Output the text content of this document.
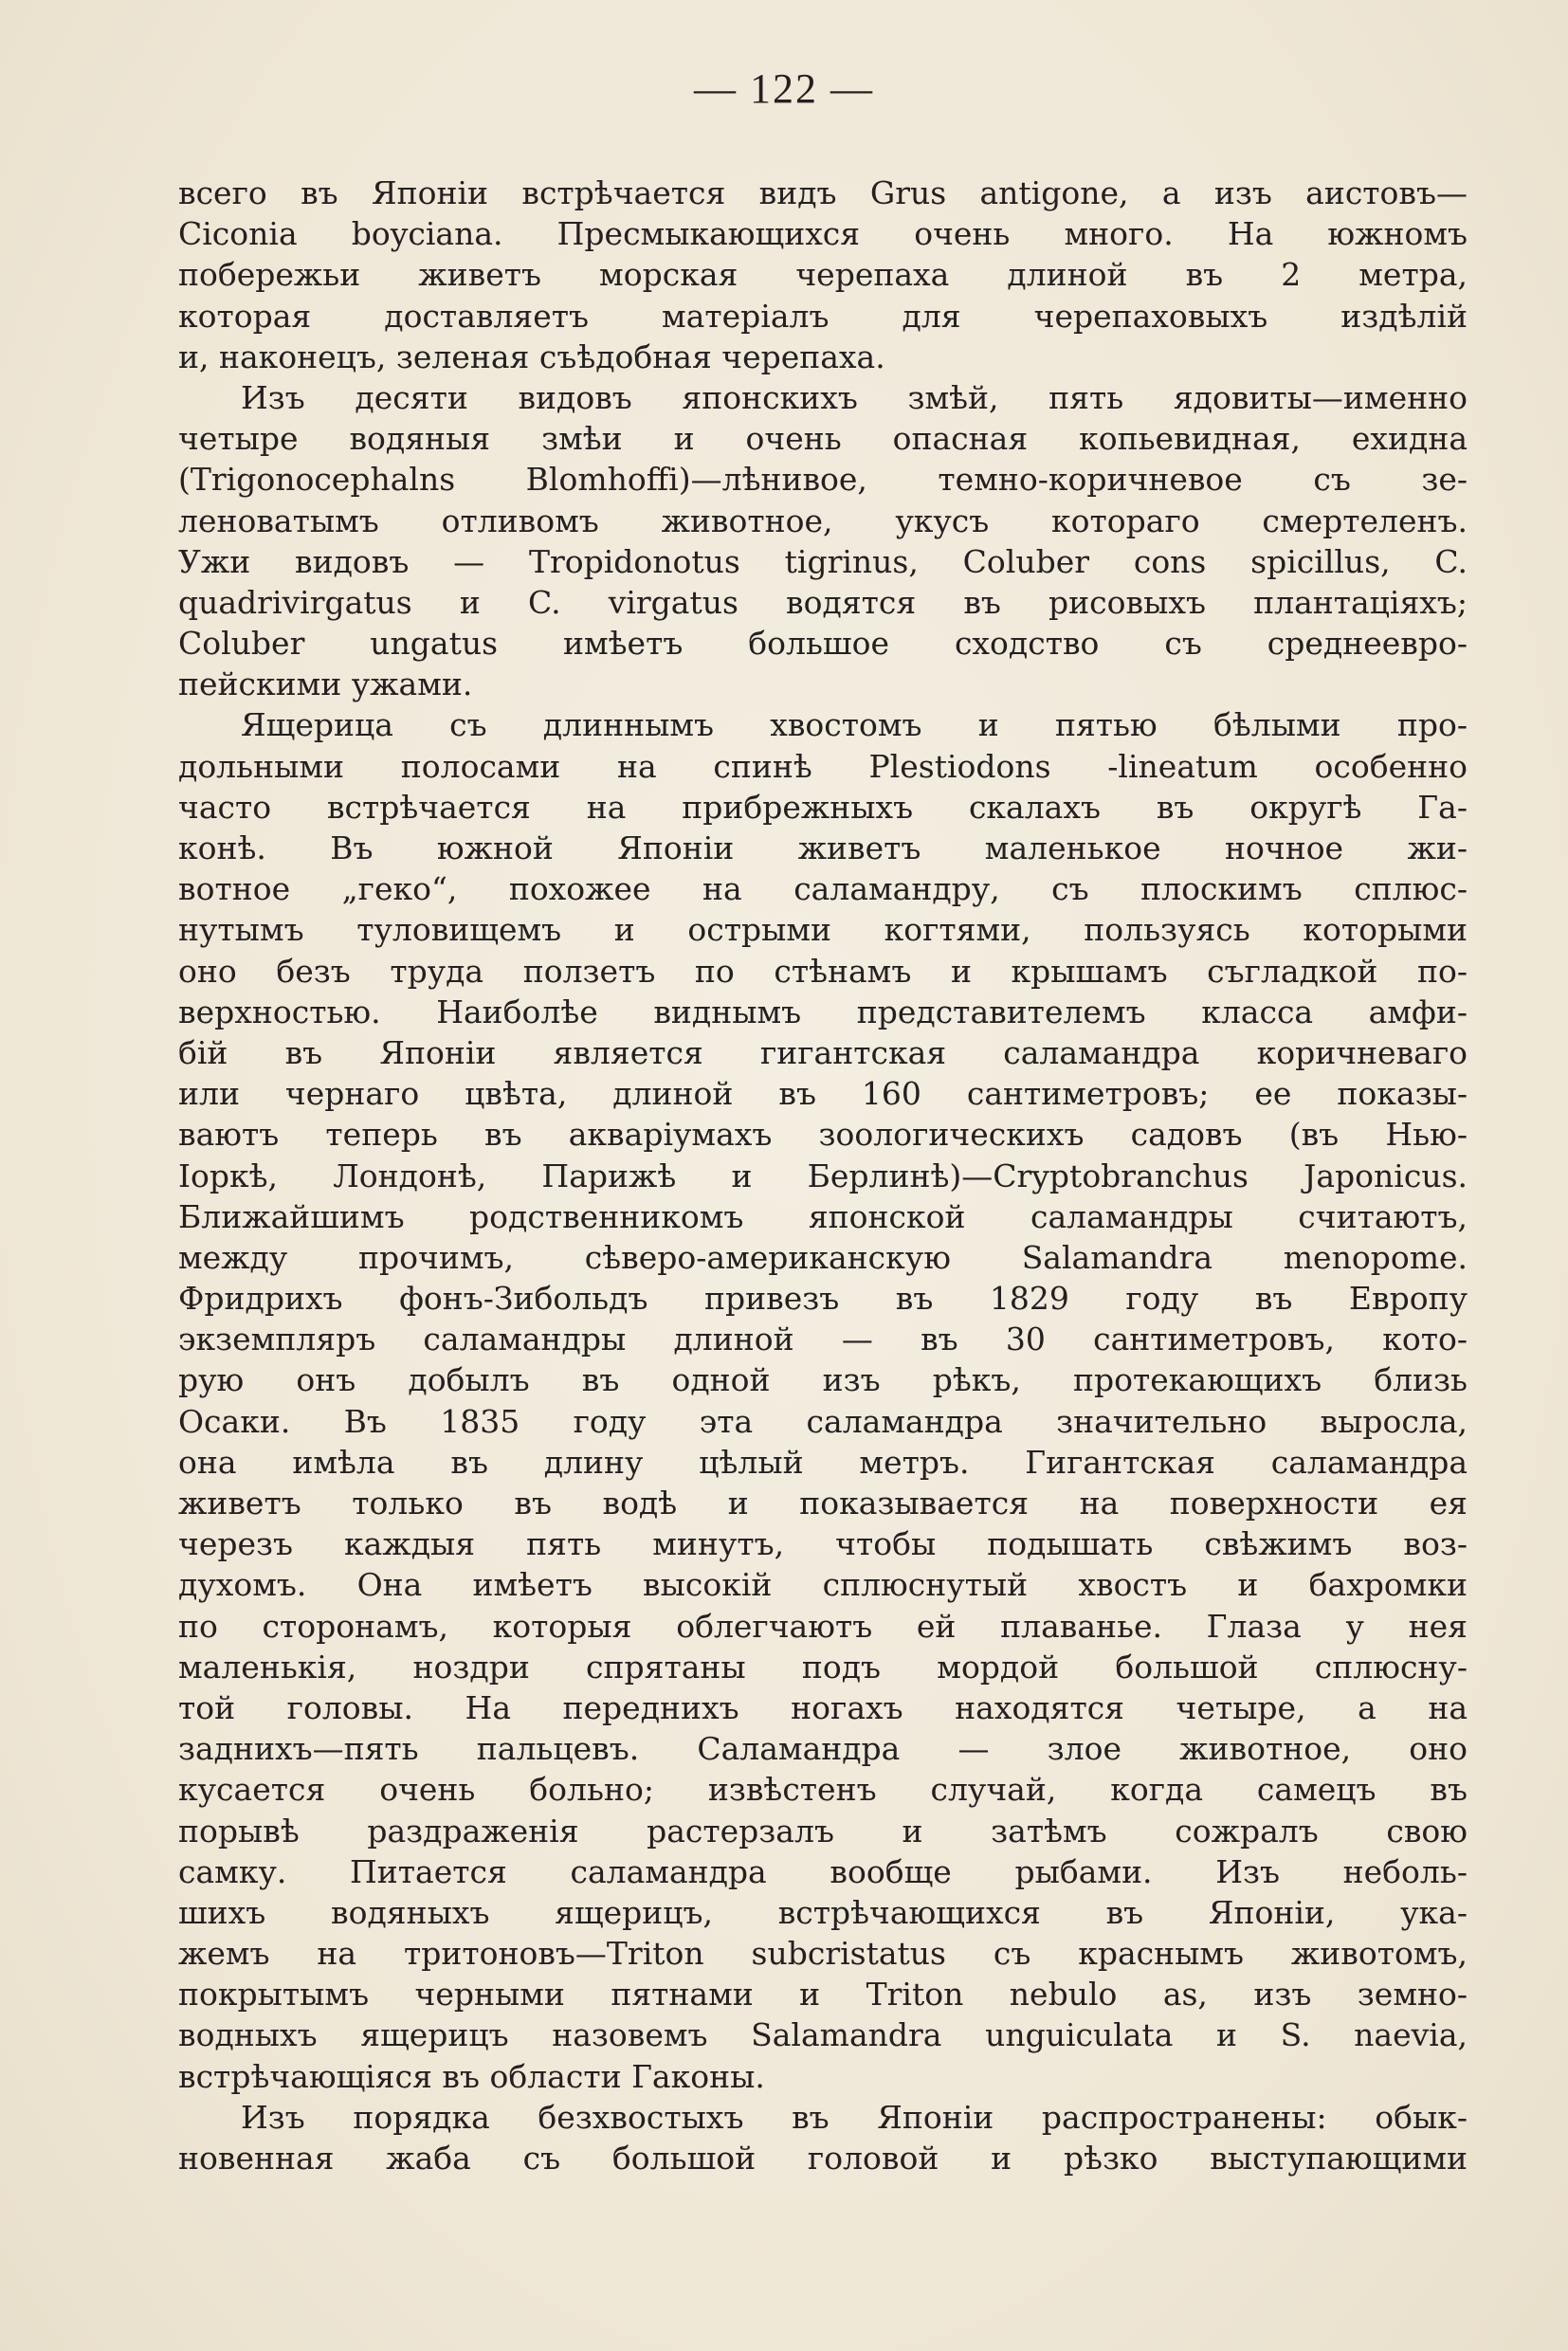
— 122 —
всего въ Японіи встрѣчается видъ Grus antigone, а изъ аистовъ—
Ciconia boyciana. Пресмыкающихся очень много. На южномъ
побережьи живетъ морская черепаха длиной въ 2 метра,
которая доставляетъ матеріалъ для черепаховыхъ издѣлій
и, наконецъ, зеленая съѣдобная черепаха.
Изъ десяти видовъ японскихъ змѣй, пять ядовиты—именно
четыре водяныя змѣи и очень опасная копьевидная, ехидна
(Trigonocephalns Blomhoffi)—лѣнивое, темно-коричневое съ зе-
леноватымъ отливомъ животное, укусъ котораго смертеленъ.
Ужи видовъ — Tropidonotus tigrinus, Coluber cons spicillus, C.
quadrivirgatus и C. virgatus водятся въ рисовыхъ плантаціяхъ;
Coluber ungatus имѣетъ большое сходство съ среднеевро-
пейскими ужами.
Ящерица съ длиннымъ хвостомъ и пятью бѣлыми про-
дольными полосами на спинѣ Plestiodons -lineatum особенно
часто встрѣчается на прибрежныхъ скалахъ въ округѣ Га-
конѣ. Въ южной Японіи живетъ маленькое ночное жи-
вотное „геко“, похожее на саламандру, съ плоскимъ сплюс-
нутымъ туловищемъ и острыми когтями, пользуясь которыми
оно безъ труда ползетъ по стѣнамъ и крышамъ съгладкой по-
верхностью. Наиболѣе виднымъ представителемъ класса амфи-
бій въ Японіи является гигантская саламандра коричневаго
или чернаго цвѣта, длиной въ 160 сантиметровъ; ее показы-
ваютъ теперь въ акваріумахъ зоологическихъ садовъ (въ Нью-
Іоркѣ, Лондонѣ, Парижѣ и Берлинѣ)—Cryptobranchus Japonicus.
Ближайшимъ родственникомъ японской саламандры считаютъ,
между прочимъ, сѣверо-американскую Salamandra menopome.
Фридрихъ фонъ-Зибольдъ привезъ въ 1829 году въ Европу
экземпляръ саламандры длиной — въ 30 сантиметровъ, кото-
рую онъ добылъ въ одной изъ рѣкъ, протекающихъ близь
Осаки. Въ 1835 году эта саламандра значительно выросла,
она имѣла въ длину цѣлый метръ. Гигантская саламандра
живетъ только въ водѣ и показывается на поверхности ея
черезъ каждыя пять минутъ, чтобы подышать свѣжимъ воз-
духомъ. Она имѣетъ высокій сплюснутый хвостъ и бахромки
по сторонамъ, которыя облегчаютъ ей плаванье. Глаза у нея
маленькія, ноздри спрятаны подъ мордой большой сплюсну-
той головы. На переднихъ ногахъ находятся четыре, а на
заднихъ—пять пальцевъ. Саламандра — злое животное, оно
кусается очень больно; извѣстенъ случай, когда самецъ въ
порывѣ раздраженія растерзалъ и затѣмъ сожралъ свою
самку. Питается саламандра вообще рыбами. Изъ неболь-
шихъ водяныхъ ящерицъ, встрѣчающихся въ Японіи, ука-
жемъ на тритоновъ—Triton subcristatus съ краснымъ животомъ,
покрытымъ черными пятнами и Triton nebulo as, изъ земно-
водныхъ ящерицъ назовемъ Salamandra unguiculata и S. naevia,
встрѣчающіяся въ области Гаконы.
Изъ порядка безхвостыхъ въ Японіи распространены: обык-
новенная жаба съ большой головой и рѣзко выступающими
